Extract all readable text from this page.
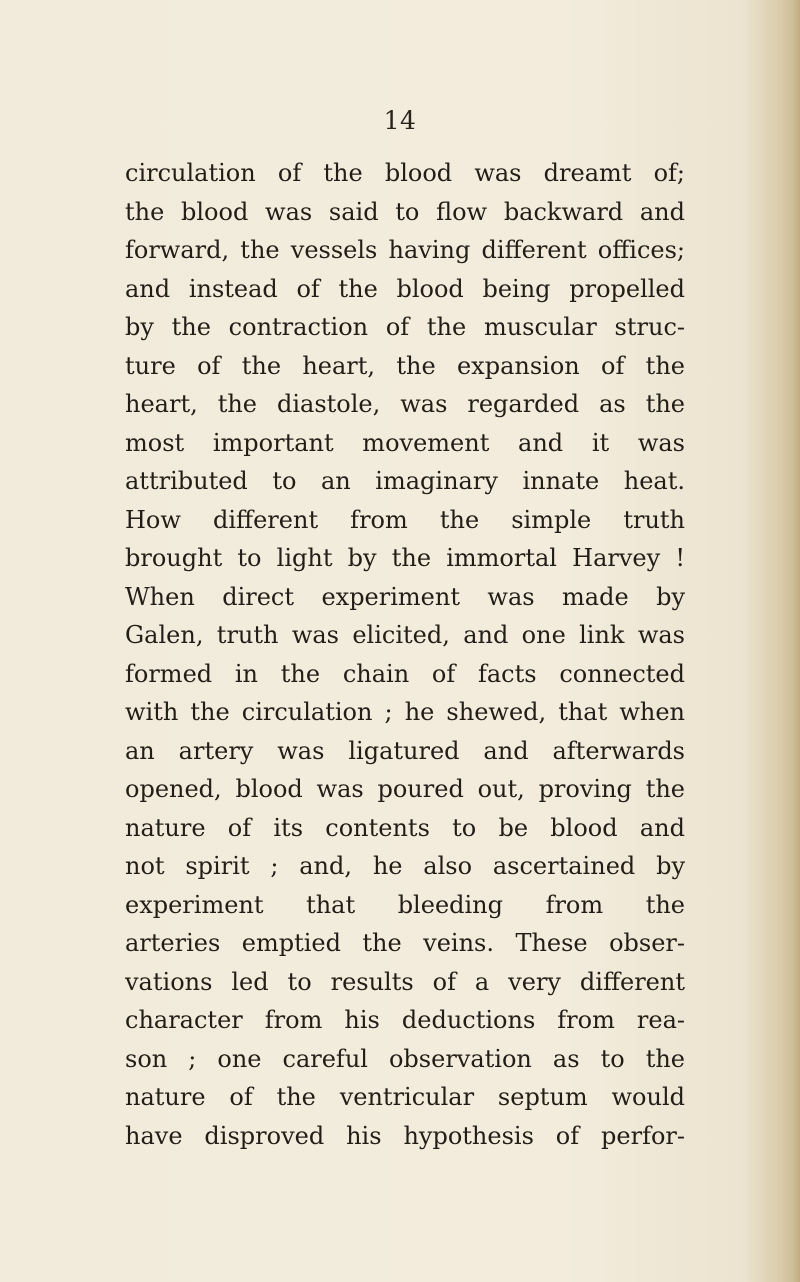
14
circulation of the blood was dreamt of;
the blood was said to flow backward and
forward, the vessels having different offices;
and instead of the blood being propelled
by the contraction of the muscular struc-
ture of the heart, the expansion of the
heart, the diastole, was regarded as the
most important movement and it was
attributed to an imaginary innate heat.
How different from the simple truth
brought to light by the immortal Harvey !
When direct experiment was made by
Galen, truth was elicited, and one link was
formed in the chain of facts connected
with the circulation ; he shewed, that when
an artery was ligatured and afterwards
opened, blood was poured out, proving the
nature of its contents to be blood and
not spirit ; and, he also ascertained by
experiment that bleeding from the
arteries emptied the veins. These obser-
vations led to results of a very different
character from his deductions from rea-
son ; one careful observation as to the
nature of the ventricular septum would
have disproved his hypothesis of perfor-
